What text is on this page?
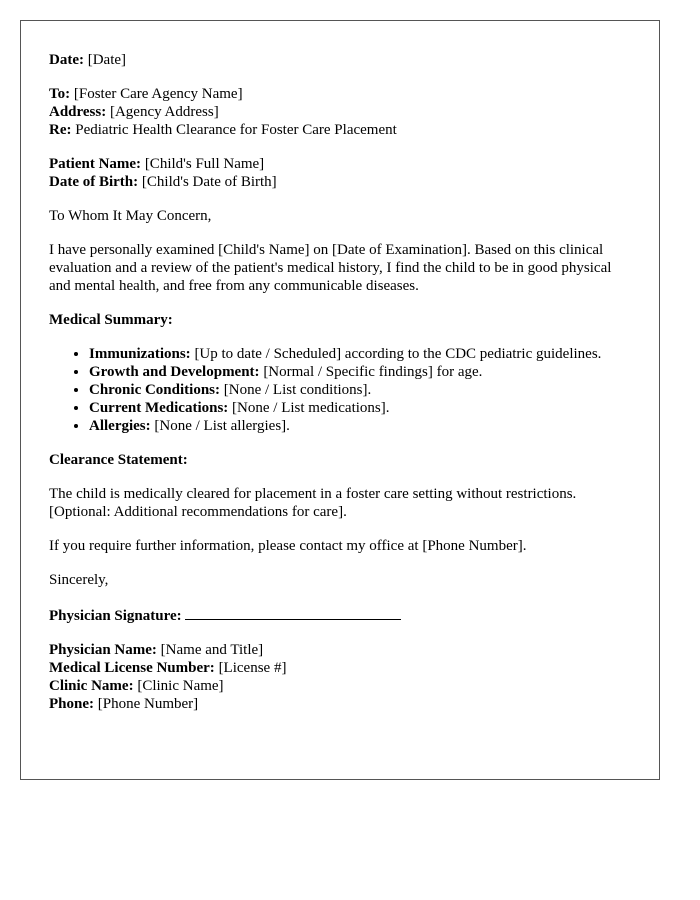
Date: [Date]

To: [Foster Care Agency Name]
Address: [Agency Address]
Re: Pediatric Health Clearance for Foster Care Placement

Patient Name: [Child's Full Name]
Date of Birth: [Child's Date of Birth]

To Whom It May Concern,

I have personally examined [Child's Name] on [Date of Examination]. Based on this clinical evaluation and a review of the patient's medical history, I find the child to be in good physical and mental health, and free from any communicable diseases.

Medical Summary:

• Immunizations: [Up to date / Scheduled] according to the CDC pediatric guidelines.
• Growth and Development: [Normal / Specific findings] for age.
• Chronic Conditions: [None / List conditions].
• Current Medications: [None / List medications].
• Allergies: [None / List allergies].

Clearance Statement:

The child is medically cleared for placement in a foster care setting without restrictions. [Optional: Additional recommendations for care].

If you require further information, please contact my office at [Phone Number].

Sincerely,

Physician Signature:

Physician Name: [Name and Title]
Medical License Number: [License #]
Clinic Name: [Clinic Name]
Phone: [Phone Number]
